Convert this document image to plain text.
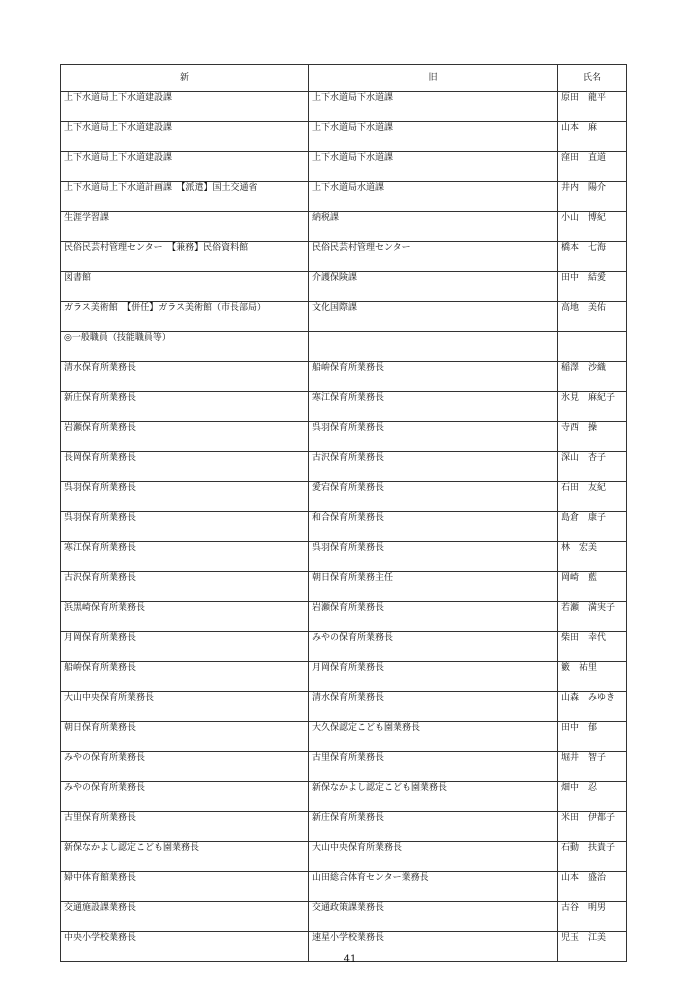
新	旧	氏名
上下水道局上下水道建設課	上下水道局下水道課	原田　龍平
上下水道局上下水道建設課	上下水道局下水道課	山本　麻
上下水道局上下水道建設課	上下水道局下水道課	窪田　直道
上下水道局上下水道計画課　【派遣】国土交通省	上下水道局水道課	井内　陽介
生涯学習課	納税課	小山　博紀
民俗民芸村管理センター　【兼務】民俗資料館	民俗民芸村管理センター	橋本　七海
図書館	介護保険課	田中　結愛
ガラス美術館　【併任】ガラス美術館（市長部局）	文化国際課	高地　美佑
◎一般職員（技能職員等）		
清水保育所業務長	船峅保育所業務長	稲澤　沙織
新庄保育所業務長	寒江保育所業務長	氷見　麻紀子
岩瀬保育所業務長	呉羽保育所業務長	寺西　操
長岡保育所業務長	古沢保育所業務長	深山　杏子
呉羽保育所業務長	愛宕保育所業務長	石田　友紀
呉羽保育所業務長	和合保育所業務長	島倉　康子
寒江保育所業務長	呉羽保育所業務長	林　宏美
古沢保育所業務長	朝日保育所業務主任	岡崎　藍
浜黒崎保育所業務長	岩瀬保育所業務長	若瀬　満実子
月岡保育所業務長	みやの保育所業務長	柴田　幸代
船峅保育所業務長	月岡保育所業務長	籔　祐里
大山中央保育所業務長	清水保育所業務長	山森　みゆき
朝日保育所業務長	大久保認定こども園業務長	田中　郁
みやの保育所業務長	古里保育所業務長	堀井　智子
みやの保育所業務長	新保なかよし認定こども園業務長	畑中　忍
古里保育所業務長	新庄保育所業務長	米田　伊都子
新保なかよし認定こども園業務長	大山中央保育所業務長	石動　扶貴子
婦中体育館業務長	山田総合体育センター業務長	山本　盛治
交通施設課業務長	交通政策課業務長	古谷　明男
中央小学校業務長	速星小学校業務長	児玉　江美
41
